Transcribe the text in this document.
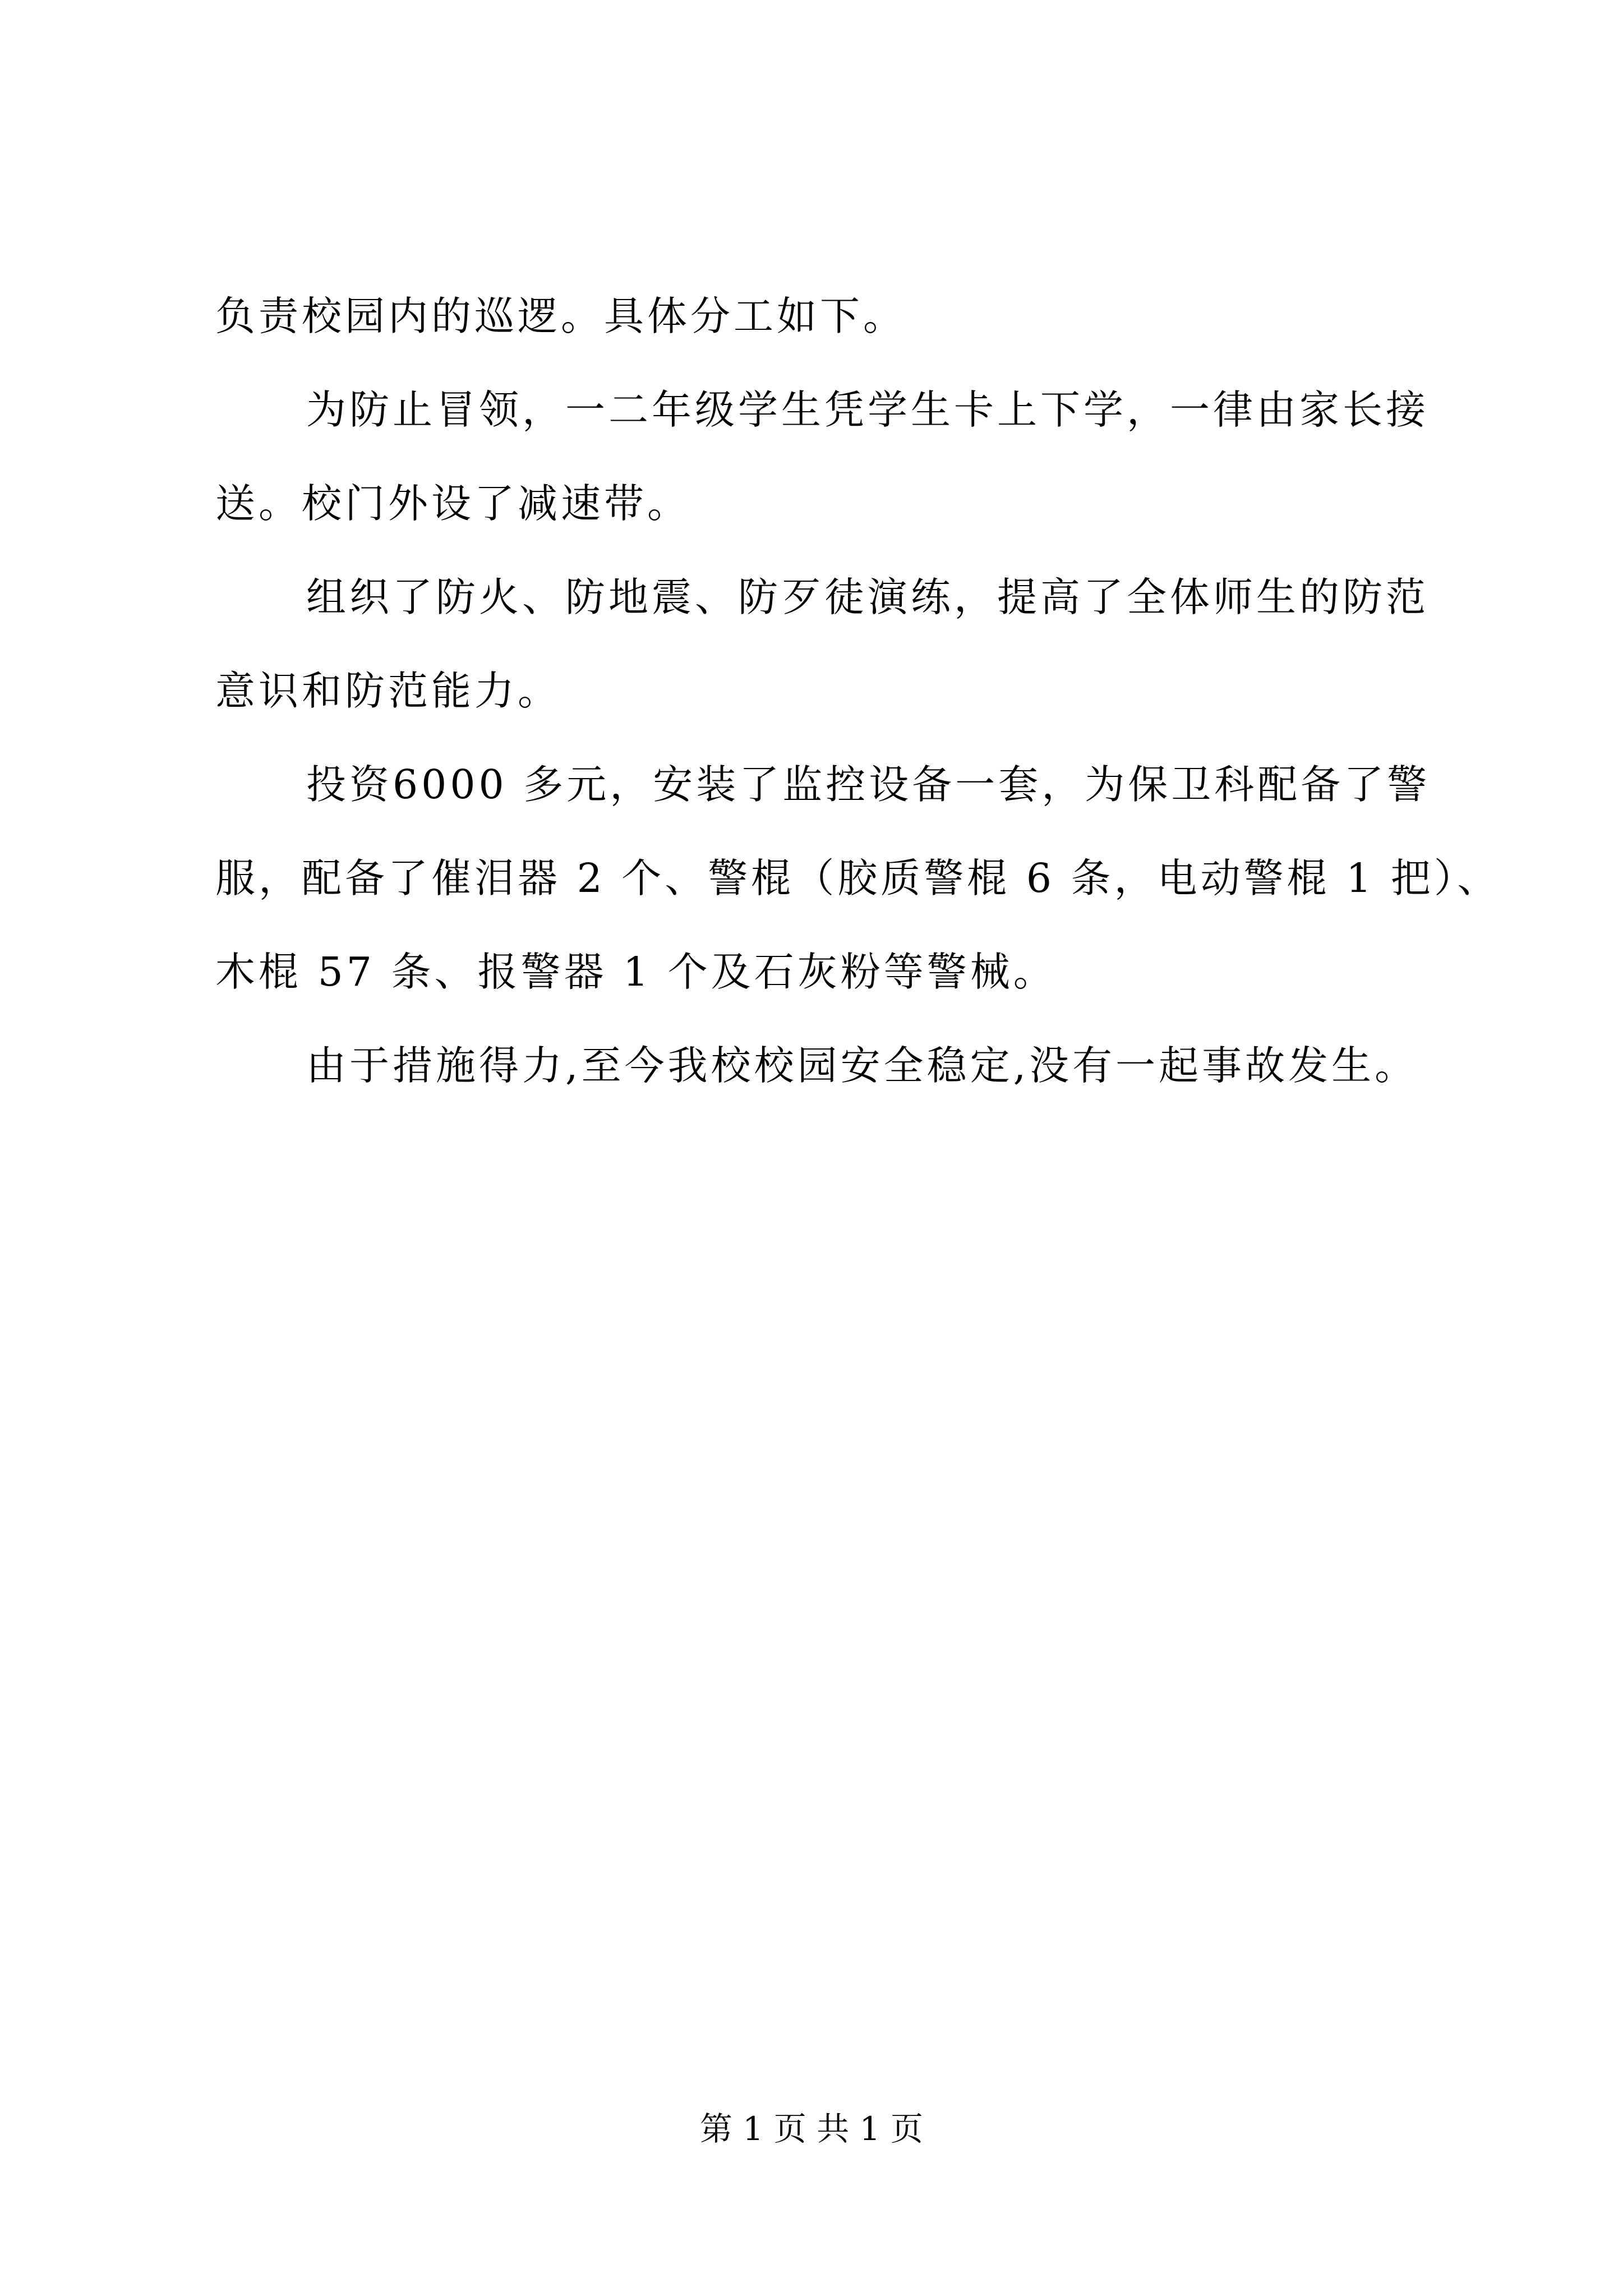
负责校园内的巡逻。具体分工如下。
为防止冒领，一二年级学生凭学生卡上下学，一律由家长接
送。校门外设了减速带。
组织了防火、防地震、防歹徒演练，提高了全体师生的防范
意识和防范能力。
投资6000 多元，安装了监控设备一套，为保卫科配备了警
服，配备了催泪器 2 个、警棍（胶质警棍 6 条，电动警棍 1 把）、
木棍 57 条、报警器 1 个及石灰粉等警械。
由于措施得力,至今我校校园安全稳定,没有一起事故发生。
第 1 页 共 1 页
